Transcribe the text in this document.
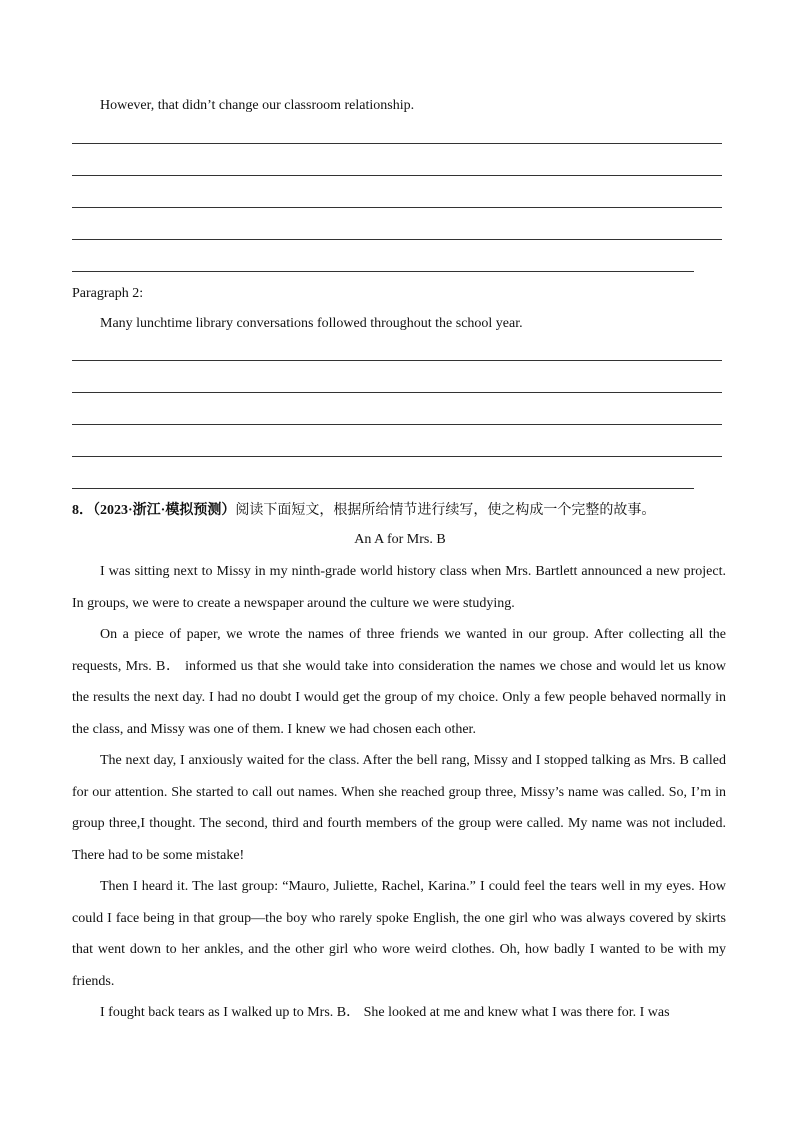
However, that didn’t change our classroom relationship.
Paragraph 2:
Many lunchtime library conversations followed throughout the school year.
8．（2023·浙江·模拟预测）阅读下面短文，根据所给情节进行续写，使之构成一个完整的故事。
An A for Mrs. B

I was sitting next to Missy in my ninth-grade world history class when Mrs. Bartlett announced a new project. In groups, we were to create a newspaper around the culture we were studying.

On a piece of paper, we wrote the names of three friends we wanted in our group. After collecting all the requests, Mrs. B． informed us that she would take into consideration the names we chose and would let us know the results the next day. I had no doubt I would get the group of my choice. Only a few people behaved normally in the class, and Missy was one of them. I knew we had chosen each other.

The next day, I anxiously waited for the class. After the bell rang, Missy and I stopped talking as Mrs. B called for our attention. She started to call out names. When she reached group three, Missy’s name was called. So, I’m in group three,I thought. The second, third and fourth members of the group were called. My name was not included. There had to be some mistake!

Then I heard it. The last group: “Mauro, Juliette, Rachel, Karina.” I could feel the tears well in my eyes. How could I face being in that group—the boy who rarely spoke English, the one girl who was always covered by skirts that went down to her ankles, and the other girl who wore weird clothes. Oh, how badly I wanted to be with my friends.

I fought back tears as I walked up to Mrs. B． She looked at me and knew what I was there for. I was
